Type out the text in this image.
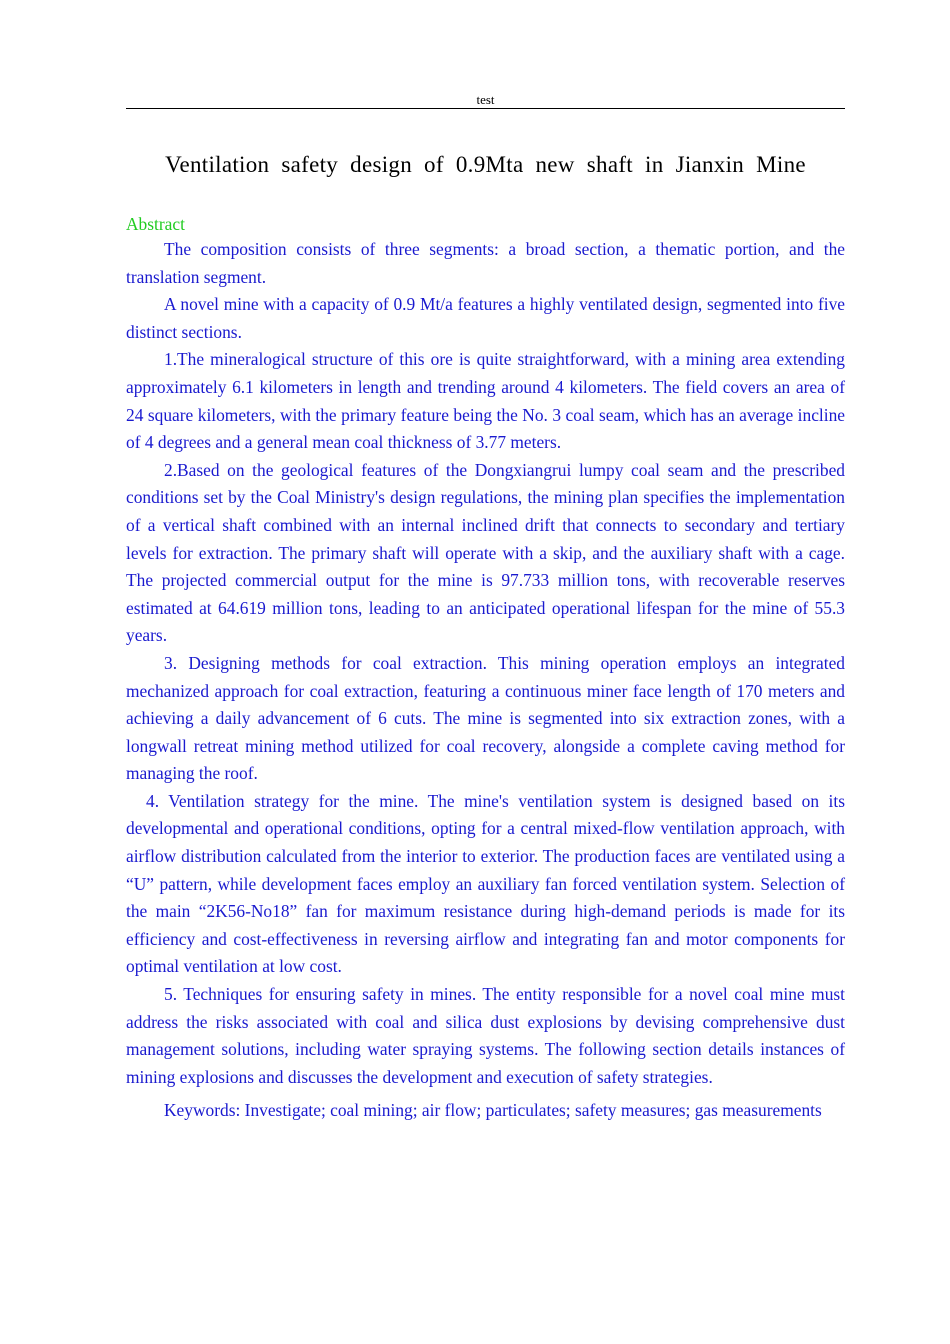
test
Ventilation safety design of 0.9Mta new shaft in Jianxin Mine
Abstract

The composition consists of three segments: a broad section, a thematic portion, and the translation segment.

A novel mine with a capacity of 0.9 Mt/a features a highly ventilated design, segmented into five distinct sections.

1.The mineralogical structure of this ore is quite straightforward, with a mining area extending approximately 6.1 kilometers in length and trending around 4 kilometers. The field covers an area of 24 square kilometers, with the primary feature being the No. 3 coal seam, which has an average incline of 4 degrees and a general mean coal thickness of 3.77 meters.

2.Based on the geological features of the Dongxiangrui lumpy coal seam and the prescribed conditions set by the Coal Ministry's design regulations, the mining plan specifies the implementation of a vertical shaft combined with an internal inclined drift that connects to secondary and tertiary levels for extraction. The primary shaft will operate with a skip, and the auxiliary shaft with a cage. The projected commercial output for the mine is 97.733 million tons, with recoverable reserves estimated at 64.619 million tons, leading to an anticipated operational lifespan for the mine of 55.3 years.

3. Designing methods for coal extraction. This mining operation employs an integrated mechanized approach for coal extraction, featuring a continuous miner face length of 170 meters and achieving a daily advancement of 6 cuts. The mine is segmented into six extraction zones, with a longwall retreat mining method utilized for coal recovery, alongside a complete caving method for managing the roof.

4. Ventilation strategy for the mine. The mine's ventilation system is designed based on its developmental and operational conditions, opting for a central mixed-flow ventilation approach, with airflow distribution calculated from the interior to exterior. The production faces are ventilated using a “U” pattern, while development faces employ an auxiliary fan forced ventilation system. Selection of the main “2K56-No18” fan for maximum resistance during high-demand periods is made for its efficiency and cost-effectiveness in reversing airflow and integrating fan and motor components for optimal ventilation at low cost.

5. Techniques for ensuring safety in mines. The entity responsible for a novel coal mine must address the risks associated with coal and silica dust explosions by devising comprehensive dust management solutions, including water spraying systems. The following section details instances of mining explosions and discusses the development and execution of safety strategies.

Keywords: Investigate; coal mining; air flow; particulates; safety measures; gas measurements
